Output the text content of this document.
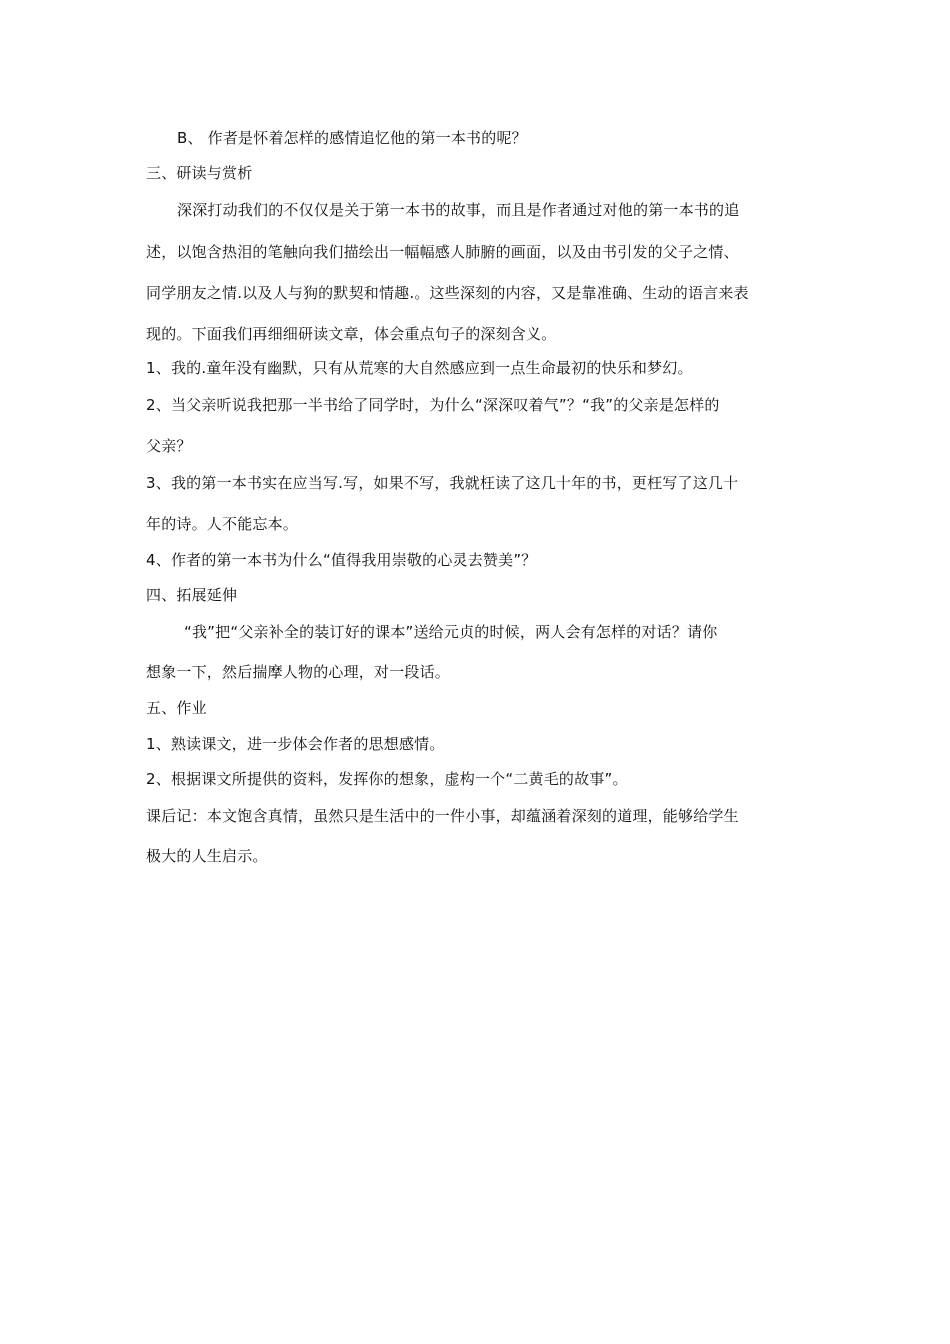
B、 作者是怀着怎样的感情追忆他的第一本书的呢？
三、研读与赏析
深深打动我们的不仅仅是关于第一本书的故事，而且是作者通过对他的第一本书的追
述，以饱含热泪的笔触向我们描绘出一幅幅感人肺腑的画面，以及由书引发的父子之情、
同学朋友之情.以及人与狗的默契和情趣.。这些深刻的内容，又是靠准确、生动的语言来表
现的。下面我们再细细研读文章，体会重点句子的深刻含义。
1、我的.童年没有幽默，只有从荒寒的大自然感应到一点生命最初的快乐和梦幻。
2、当父亲听说我把那一半书给了同学时，为什么“深深叹着气”？“我”的父亲是怎样的
父亲？
3、我的第一本书实在应当写.写，如果不写，我就枉读了这几十年的书，更枉写了这几十
年的诗。人不能忘本。
4、作者的第一本书为什么“值得我用崇敬的心灵去赞美”？
四、拓展延伸
“我”把“父亲补全的装订好的课本”送给元贞的时候，两人会有怎样的对话？请你
想象一下，然后揣摩人物的心理，对一段话。
五、作业
1、熟读课文，进一步体会作者的思想感情。
2、根据课文所提供的资料，发挥你的想象，虚构一个“二黄毛的故事”。
课后记：本文饱含真情，虽然只是生活中的一件小事，却蕴涵着深刻的道理，能够给学生
极大的人生启示。
